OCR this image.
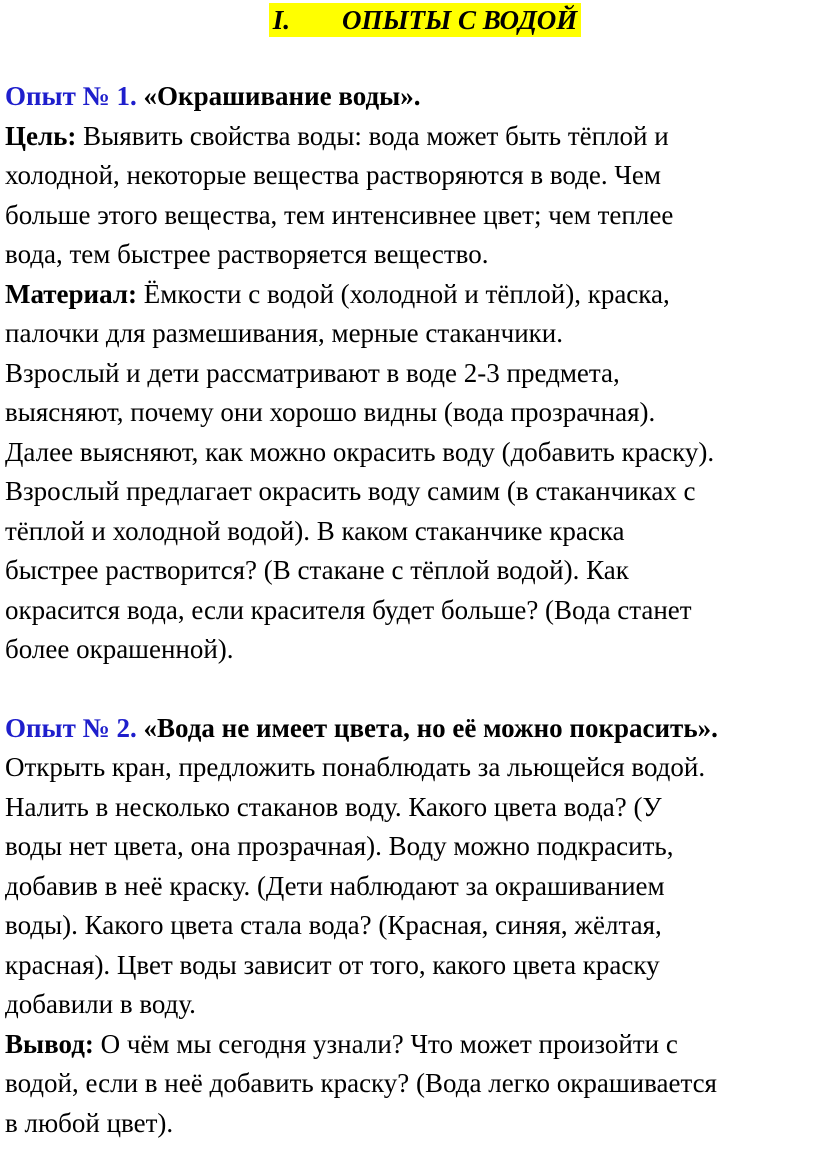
I. ОПЫТЫ С ВОДОЙ

Опыт № 1. «Окрашивание воды».

Цель: Выявить свойства воды: вода может быть тёплой и

холодной, некоторые вещества растворяются в воде. Чем

больше этого вещества, тем интенсивнее цвет; чем теплее

вода, тем быстрее растворяется вещество.

Материал: Ёмкости с водой (холодной и тёплой), краска,

палочки для размешивания, мерные стаканчики.

Взрослый и дети рассматривают в воде 2-3 предмета,

выясняют, почему они хорошо видны (вода прозрачная).

Далее выясняют, как можно окрасить воду (добавить краску).

Взрослый предлагает окрасить воду самим (в стаканчиках с

тёплой и холодной водой). В каком стаканчике краска

быстрее растворится? (В стакане с тёплой водой). Как

окрасится вода, если красителя будет больше? (Вода станет

более окрашенной).

Опыт № 2. «Вода не имеет цвета, но её можно покрасить».

Открыть кран, предложить понаблюдать за льющейся водой.

Налить в несколько стаканов воду. Какого цвета вода? (У

воды нет цвета, она прозрачная). Воду можно подкрасить,

добавив в неё краску. (Дети наблюдают за окрашиванием

воды). Какого цвета стала вода? (Красная, синяя, жёлтая,

красная). Цвет воды зависит от того, какого цвета краску

добавили в воду.

Вывод: О чём мы сегодня узнали? Что может произойти с

водой, если в неё добавить краску? (Вода легко окрашивается

в любой цвет).
